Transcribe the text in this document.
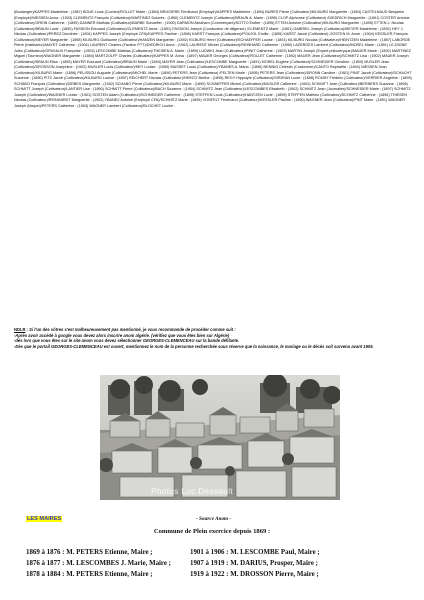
(Boulanger)/KAPPES Madeleine : (1857) BOUE Louis (Cocher)/ROLLET Marie : (1894) BRUGIERE Ferdinand (Employé)/KAPPES Madeleine : (1894) BURES Pierre (Cultivateur)/KILBURG Marguerite : (1894) CASTELNAUD Benjamin (Employé)/NIESSEN Anna : (1903) CLEMENTZ François (Cultivateur)/MARTINEZ Dolorès : (1890) CLEMENTZ Joseph (Cultivateur)/BRAUN A. Marie : (1895) CLOP Alphonse (Cultivateur) /DIEDRICH Marguerite : (1891) COSTER Antoine (Cultivateur)/GREIN Catherine : (1895) DANNER Mathias (Cultivateur)/BARBE Schaeffer : (1900) DARMON Abraham (Commerçant)/SOTTO Esther : (1895) ETTEN Antoine (Cultivateur)/KILBURG Marguerite : (1895) ETTEN J. Nicolas (Cultivateur)/BRAUN Lucie : (1890) FASSION Edouard (Cultivateur)/CLEMENTZ Anna : (1891) FASSION Joseph (Conducteur de diligence) /CLEMENTZ Marie : (1891) GABRIEL Joseph (Cultivateur)/MEYER Madeleine : (1892) HEY J. Nicolas (Cultivateur)/PEREZ Dorothée : (1904) KAPPES Joseph (Employé CFA)/KAPPES Pauline : (1896) KARST François (Cultivateur)/POUJOL Emilie : (1895) KARST Jacob (Cultivateur) /JOSTEN M. Anne : (1904) KESSLER François (Cultivateur)/MEYER Marguerite : (1898) KILBURG Guillaume (Cultivateur)/HANZEN Marguerite : (1892) KILBURG Henri (Cultivateur)/SCHAEFFER Louise : (1891) KILBURG Nicolas (Cultivateur)/HEINTZEN Madeleine : (1897) LABORDE Pierre (Instituteur)/MAYET Catherine : (1904) LAURENT Charles (Facteur PTT)/DIEDRICH Anna : (1902) LAURENT Michel (Cultivateur)/REINHARD Catherine : (1890) LAZERGES Lambert (Cultivateur)/MOREL Marie : (1891) LE-DIGNE Jules (Cultivateur)/GRIVIAUX Françoise : (1903) LESCOMBE Mathias (Cultivateur)/THEISEN A. Marie : (1899) LUDWIG Jean (Cultivateur)/PINIT Catherine : (1903) MARTIN Joseph (Expert philoxéryque)/MAUER Marie : (1892) MARTINEZ Miguel (Tourneur)/WAGNER Marguerite : (1894) MARTZOLFF Charles (Cultivateur)/KAPPES M. Anna : (1897) MAUER Georges (Cultivateur)/ROLLET Catherine : (1892) MAUER Jean (Cultivateur)/SCHMITZ Lisa : (1902) MAUER Joseph (Cultivateur)/BRAUN Elisa : (1895) MAYER Edouard (Cultivateur)/BRAUN Marie : (1894) MAYER Jean (Cultivateur)/LESCOMBE Marguerite : (1891) MOREL Eugène (Cultivateur)/SCHNEIDER Christine : (1899) MUSLER Jean (Cultivateur)/DROSSON Joséphine : (1902) MUSLER Louis (Cultivateur)/HEY Louise : (1900) MUSSET Louis (Cultivateur)/YBANES A. Maria : (1896) NENNIG Célestin (Cordonnier)/CANTO Raphaëla : (1894) NIESSEN Jean (Cultivateur)/KILBURG Marie : (1896) PELISSOU Auguste (Cultivateur)/MICHEL Marie : (1890) PETERS Jean (Cultivateur) /FELTEN Marie : (1895) PETERS Jean (Cultivateur)/DRONN Caroline : (1901) PINIT Jacob (Cultivateur)/SCHACHT Suzanne : (1890) PITZ Jacob (Cultivateur)/KILBURG Louise : (1897) REICHERT Nicolas (Cultivateur)/HEINTZ Berthe : (1898) REGY Hippolyte (Cultivateur)/SIRJEAN Lucie : (1898) ROUBY Frédéric (Cultivateur)/VERRIER Angéline : (1899) SCHABO François (Cultivateur)/ZIRBES Marguerite : (1902) SCHABO Pierre (Cultivateur)/KILBURG Marie : (1899) SCHAEFFER Michel (Cultivateur)/MUSLER Catherine : (1902) SCHMITT Jean (Cultivateur)/BERNERS Suzanne : (1896) SCHMITT Joseph (Cultivateur)/LANTIER Lise : (1890) SCHMITT Pierre (Cultivateur)/BACH Suzanne : (1904) SCHMITZ Jean (Cultivateur)/LESCOMBES Elisabeth : (1902) SCHMITZ Jean (Journalier)/SCHNEIDER Marie : (1897) SCHMITZ Joseph (Cultivateur)/WAGNER Louise : (1901) SOSTEN Adam (Cultivateur)/SCHNEIDER Catherine : (1895) STEFFEN Louis (Cultivateur)/HANTZEN Lucie : (1895) STEFFEN Mathieu (Cultivateur)/SCHMITZ Catherine : (1896) THIESEN Nicolas (Cultivateur)/REINHARDT Marguerite : (1902) YBANEZ Antoine (Employé CFA)/SCHMITZ Marie : (1899) VONFELT Ferdinand (Cultivateur)/KESSLER Pauline : (1890) WAGNER Jean (Cultivateur)/PINT Marie : (1891) WAGNER Joseph (Maçon)/PETERS Catherine : (1903) WAGNER Lambert (Cultivateur)/BLOCHET Louise :

NDLR : Si l'un des vôtres s'est malheureusement pas mentionné, je vous recommande de procéder comme suit :

-Après avoir accédé à google vous devez alors inscrire anom algérie. (vérifiez que vous êtes bien sur Algérie)

-dès lors que vous êtes sur le site anom vous devez sélectionner GEORGES-CLEMENCEAU sur la bande défilante.

-Dès que le portail GEORGES-CLEMENCEAU est ouvert, mentionnez le nom de la personne recherchée sous réserve que la naissance, le mariage ou le décès soit survenu avant 1905.

Photos Luc Dessault
LES MAIRES	- Source Anom -
Commune de Plein exercice depuis 1869 :
1869 à 1876 : M. PETERS Etienne, Maire ;	1901 à 1906 : M. LESCOMBE Paul, Maire ;
1876 à 1877 : M. LESCOMBES J. Marie, Maire ;	1907 à 1919 : M. DARIUS, Prosper, Maire ;
1878 à 1884 : M. PETERS Etienne, Maire ;	1919 à 1922 : M. DROSSON Pierre, Maire ;
